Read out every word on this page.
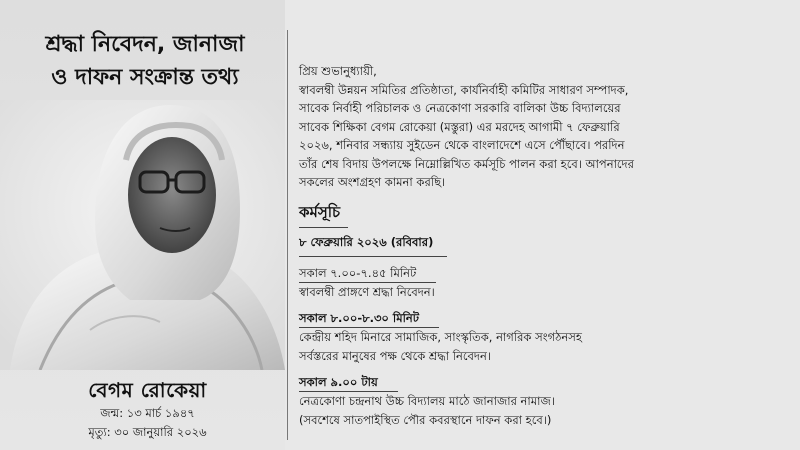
শ্রদ্ধা নিবেদন, জানাজা
ও দাফন সংক্রান্ত তথ্য
বেগম রোকেয়া
জন্ম: ১৩ মার্চ ১৯৪৭
মৃত্যু: ৩০ জানুয়ারি ২০২৬

প্রিয় শুভানুধ্যায়ী,

স্বাবলম্বী উন্নয়ন সমিতির প্রতিষ্ঠাতা, কার্যনির্বাহী কমিটির সাধারণ সম্পাদক,

সাবেক নির্বাহী পরিচালক ও নেত্রকোণা সরকারি বালিকা উচ্চ বিদ্যালয়ের

সাবেক শিক্ষিকা বেগম রোকেয়া (মস্তুরা) এর মরদেহ আগামী ৭ ফেব্রুয়ারি

২০২৬, শনিবার সন্ধ্যায় সুইডেন থেকে বাংলাদেশে এসে পৌঁছাবে। পরদিন

তাঁর শেষ বিদায় উপলক্ষে নিম্নোল্লিখিত কর্মসূচি পালন করা হবে। আপনাদের

সকলের অংশগ্রহণ কামনা করছি।

কর্মসূচি
৮ ফেব্রুয়ারি ২০২৬ (রবিবার)
সকাল ৭.০০-৭.৪৫ মিনিট
স্বাবলম্বী প্রাঙ্গণে শ্রদ্ধা নিবেদন।
সকাল ৮.০০-৮.৩০ মিনিট
কেন্দ্রীয় শহিদ মিনারে সামাজিক, সাংস্কৃতিক, নাগরিক সংগঠনসহ
সর্বস্তরের মানুষের পক্ষ থেকে শ্রদ্ধা নিবেদন।
সকাল ৯.০০ টায়
নেত্রকোণা চন্দ্রনাথ উচ্চ বিদ্যালয় মাঠে জানাজার নামাজ।
(সবশেষে সাতপাইস্থিত পৌর কবরস্থানে দাফন করা হবে।)
